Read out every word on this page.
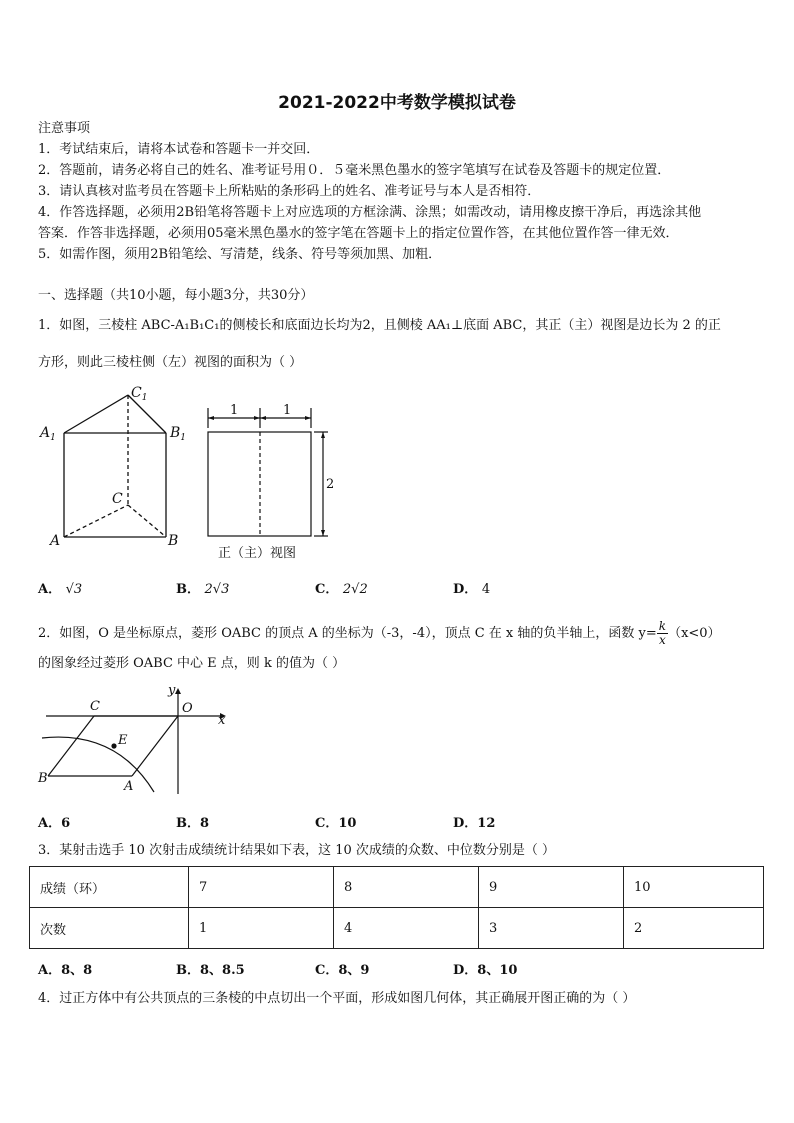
2021-2022中考数学模拟试卷
注意事项
1．考试结束后，请将本试卷和答题卡一并交回．
2．答题前，请务必将自己的姓名、准考证号用０．５毫米黑色墨水的签字笔填写在试卷及答题卡的规定位置．
3．请认真核对监考员在答题卡上所粘贴的条形码上的姓名、准考证号与本人是否相符．
4．作答选择题，必须用2B铅笔将答题卡上对应选项的方框涂满、涂黑；如需改动，请用橡皮擦干净后，再选涂其他
答案．作答非选择题，必须用05毫米黑色墨水的签字笔在答题卡上的指定位置作答，在其他位置作答一律无效．
5．如需作图，须用2B铅笔绘、写清楚，线条、符号等须加黑、加粗．
一、选择题（共10小题，每小题3分，共30分）
1．如图，三棱柱 ABC-A₁B₁C₁的侧棱长和底面边长均为2，且侧棱 AA₁⊥底面 ABC，其正（主）视图是边长为 2 的正
方形，则此三棱柱侧（左）视图的面积为（ ）
$C_1$
$A_1$	$B_1$
C
A	B
1	1
2
正（主）视图
A． √3	B． 2√3	C． 2√2	D． 4
2．如图，O 是坐标原点，菱形 OABC 的顶点 A 的坐标为（-3，-4），顶点 C 在 x 轴的负半轴上，函数 $y= \frac{k}{x} (x<0)$
的图象经过菱形 OABC 中心 E 点，则 k 的值为（ ）
C	O
y
x
E
B
A
A．6	B．8	C．10	D．12
3．某射击选手 10 次射击成绩统计结果如下表，这 10 次成绩的众数、中位数分别是（ ）
成绩（环）	7	8	9	10
次数	1	4	3	2
A．8、8	B．8、8.5	C．8、9	D．8、10
4．过正方体中有公共顶点的三条棱的中点切出一个平面，形成如图几何体，其正确展开图正确的为（ ）
